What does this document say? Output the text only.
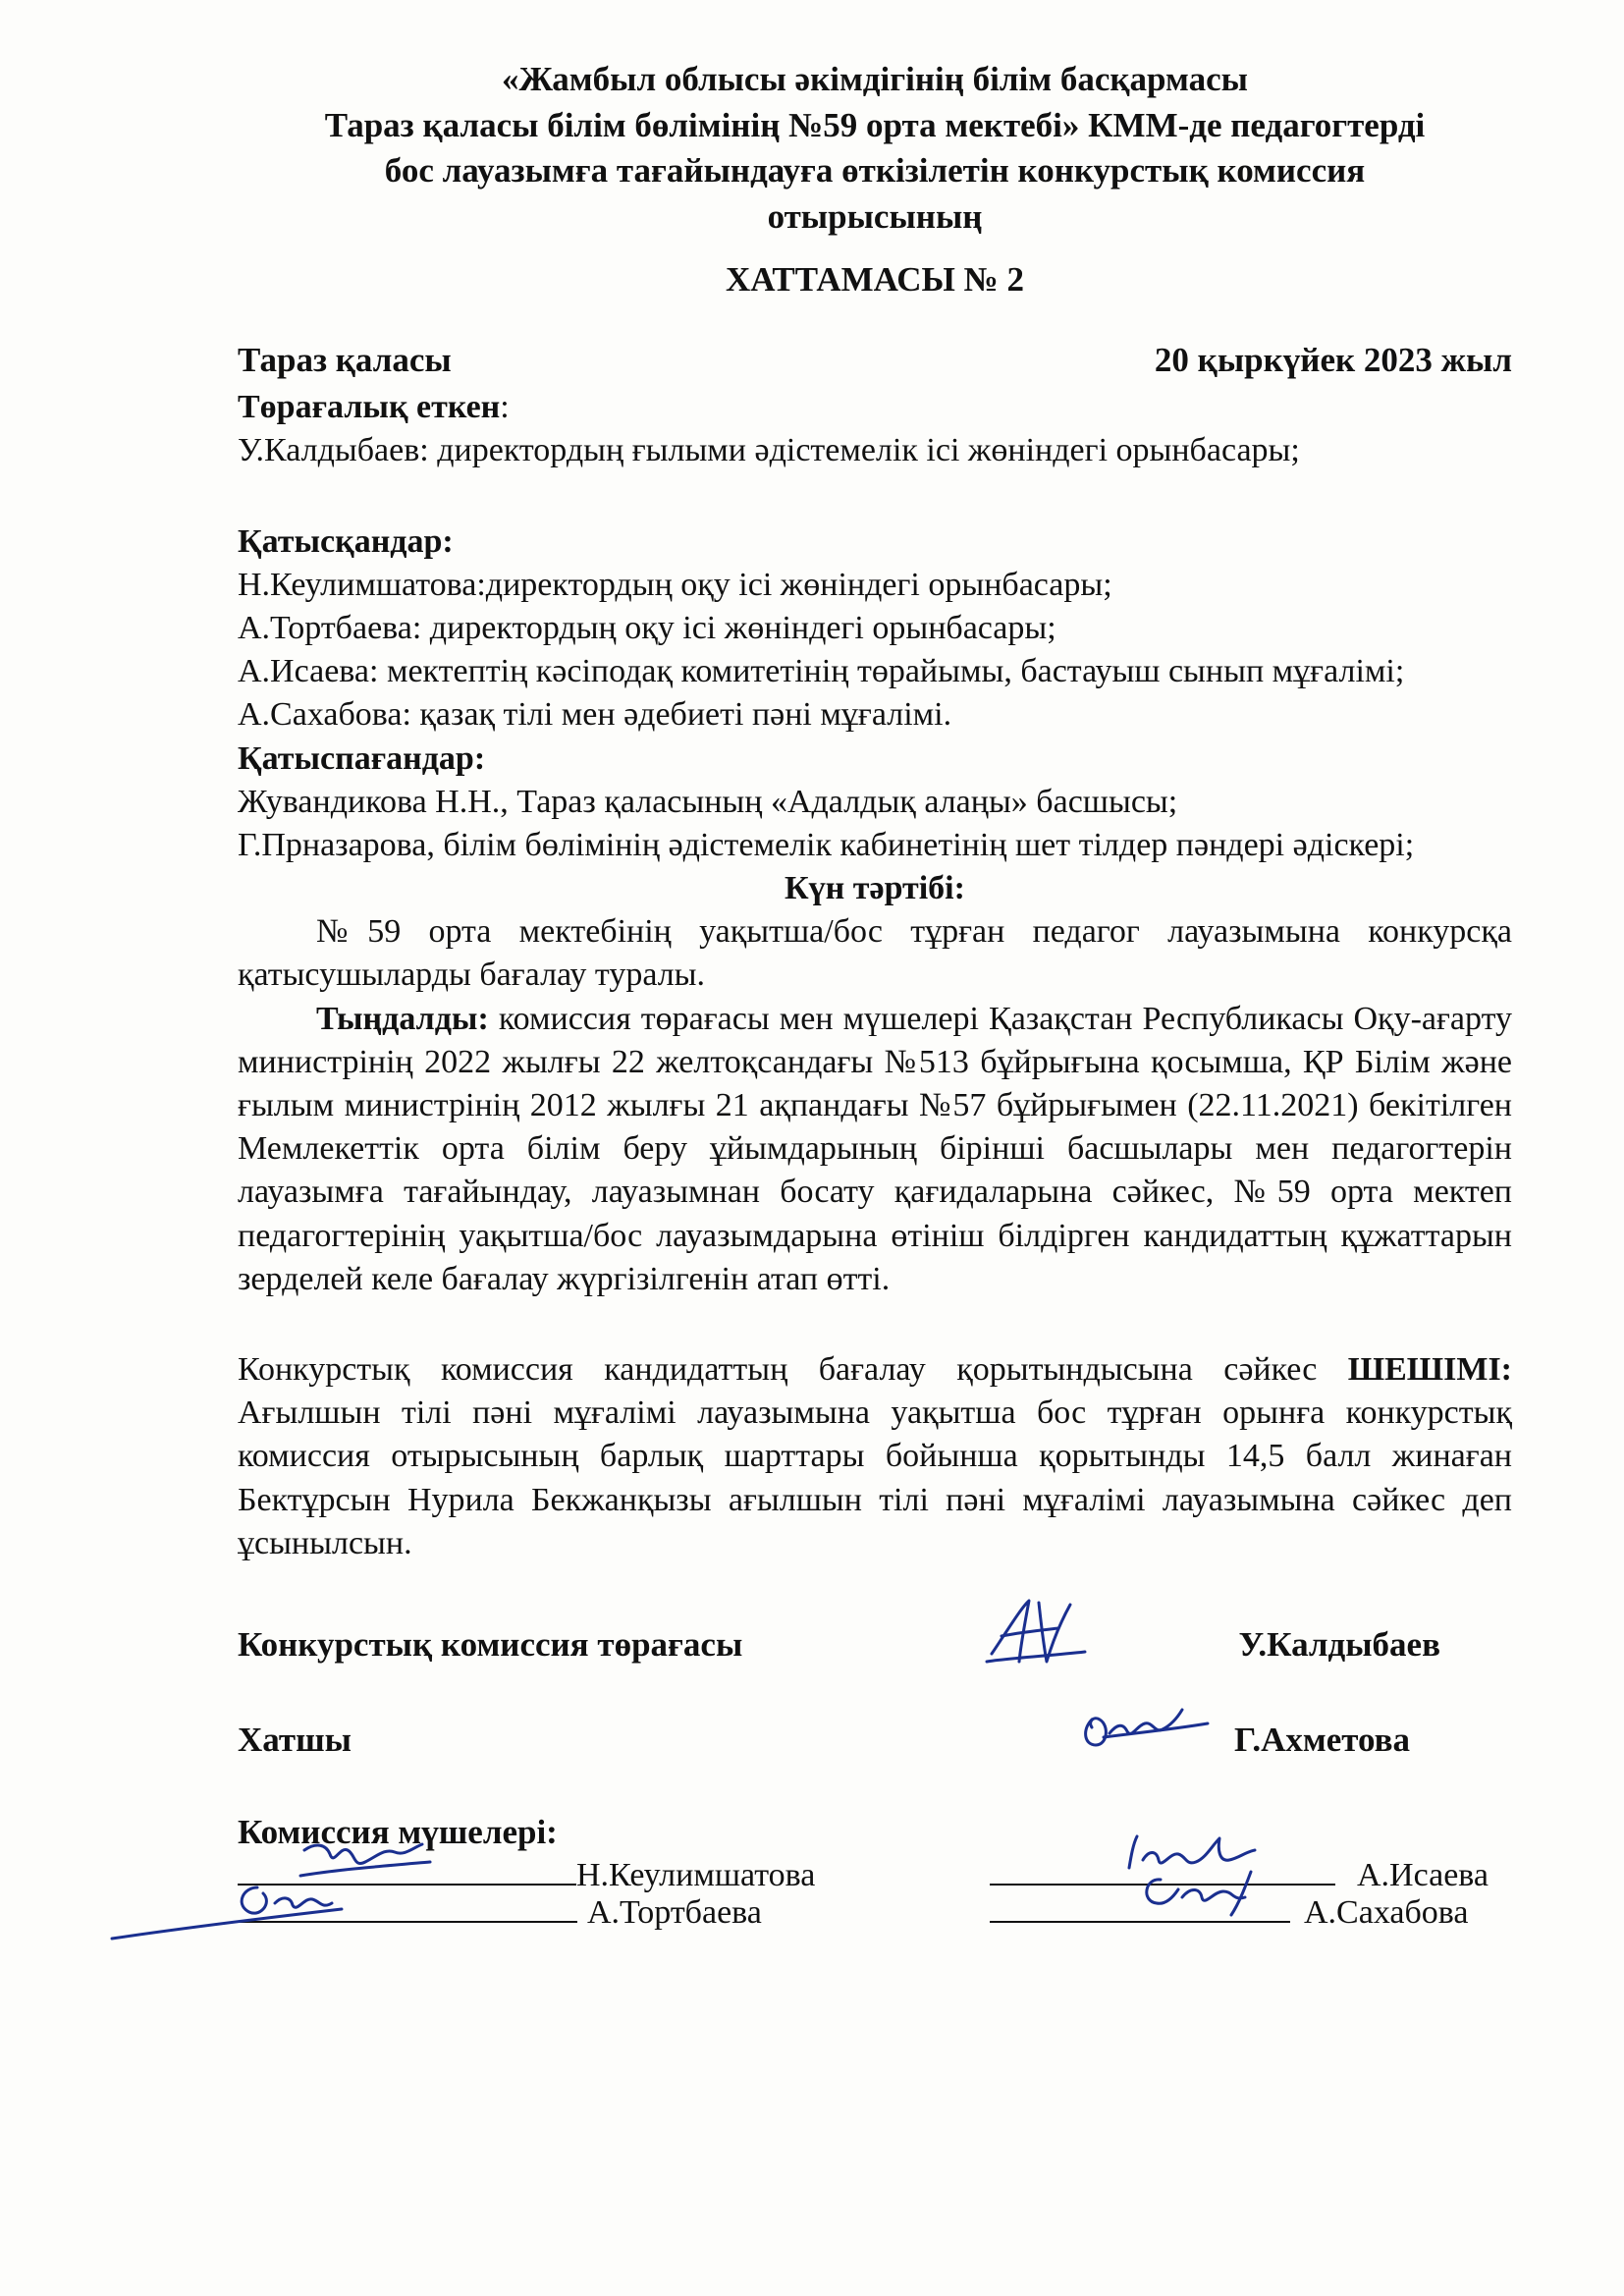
«Жамбыл облысы әкімдігінің білім басқармасы

Тараз қаласы білім бөлімінің №59 орта мектебі» КММ-де педагогтерді

бос лауазымға тағайындауға өткізілетін конкурстық комиссия

отырысының

ХАТТАМАСЫ № 2

Тараз қаласы	20 қыркүйек 2023 жыл

Төрағалық еткен:

У.Калдыбаев: директордың ғылыми әдістемелік ісі жөніндегі орынбасары;

Қатысқандар:

Н.Кеулимшатова:директордың оқу ісі жөніндегі орынбасары;

А.Тортбаева: директордың оқу ісі жөніндегі орынбасары;

А.Исаева: мектептің кәсіподақ комитетінің төрайымы, бастауыш сынып мұғалімі;

А.Сахабова: қазақ тілі мен әдебиеті пәні мұғалімі.

Қатыспағандар:

Жувандикова Н.Н., Тараз қаласының «Адалдық алаңы» басшысы;

Г.Прназарова, білім бөлімінің әдістемелік кабинетінің шет тілдер пәндері әдіскері;

Күн тәртібі:

№59 орта мектебінің уақытша/бос тұрған педагог лауазымына конкурсқа қатысушыларды бағалау туралы.

Тыңдалды: комиссия төрағасы мен мүшелері Қазақстан Республикасы Оқу-ағарту министрінің 2022 жылғы 22 желтоқсандағы №513 бұйрығына қосымша, ҚР Білім және ғылым министрінің 2012 жылғы 21 ақпандағы №57 бұйрығымен (22.11.2021) бекітілген Мемлекеттік орта білім беру ұйымдарының бірінші басшылары мен педагогтерін лауазымға тағайындау, лауазымнан босату қағидаларына сәйкес, №59 орта мектеп педагогтерінің уақытша/бос лауазымдарына өтініш білдірген кандидаттың құжаттарын зерделей келе бағалау жүргізілгенін атап өтті.

Конкурстық комиссия кандидаттың бағалау қорытындысына сәйкес ШЕШІМІ: Ағылшын тілі пәні мұғалімі лауазымына уақытша бос тұрған орынға конкурстық комиссия отырысының барлық шарттары бойынша қорытынды 14,5 балл жинаған Бектұрсын Нурила Бекжанқызы ағылшын тілі пәні мұғалімі лауазымына сәйкес деп ұсынылсын.

Конкурстық комиссия төрағасы	У.Калдыбаев
Хатшы	Г.Ахметова

Комиссия мүшелері:

Н.Кеулимшатова	А.Исаева
А.Тортбаева	А.Сахабова
